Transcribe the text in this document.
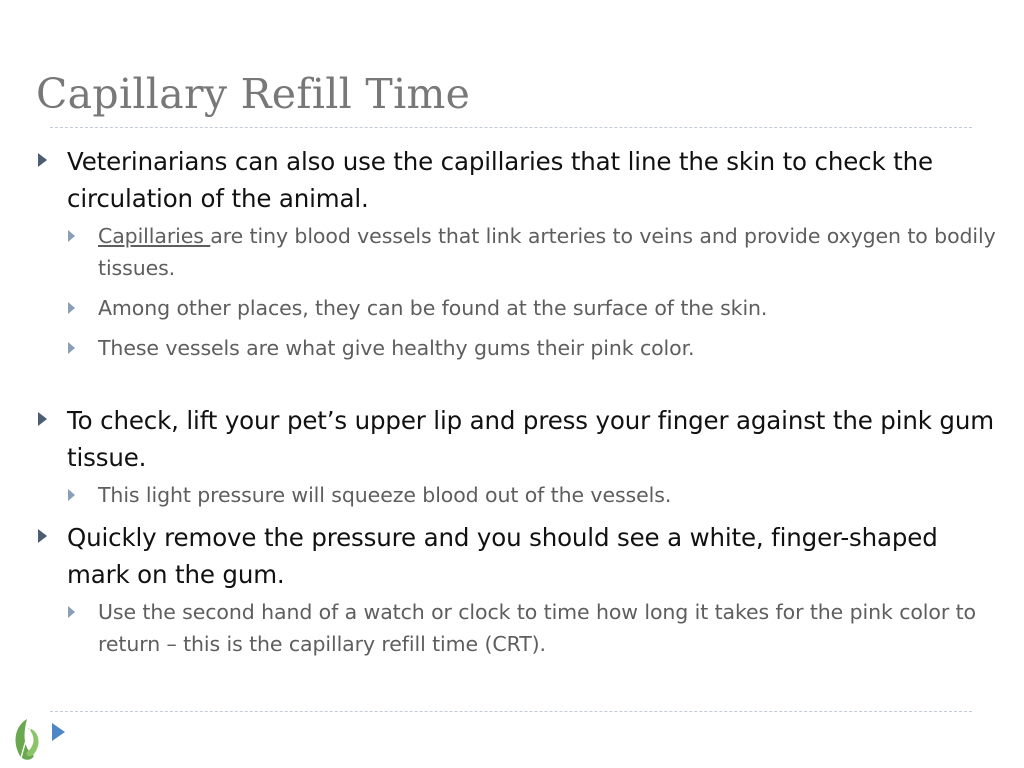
Capillary Refill Time
Veterinarians can also use the capillaries that line the skin to check the circulation of the animal.
Capillaries are tiny blood vessels that link arteries to veins and provide oxygen to bodily tissues.
Among other places, they can be found at the surface of the skin.
These vessels are what give healthy gums their pink color.
To check, lift your pet’s upper lip and press your finger against the pink gum tissue.
This light pressure will squeeze blood out of the vessels.
Quickly remove the pressure and you should see a white, finger-shaped mark on the gum.
Use the second hand of a watch or clock to time how long it takes for the pink color to return – this is the capillary refill time (CRT).
